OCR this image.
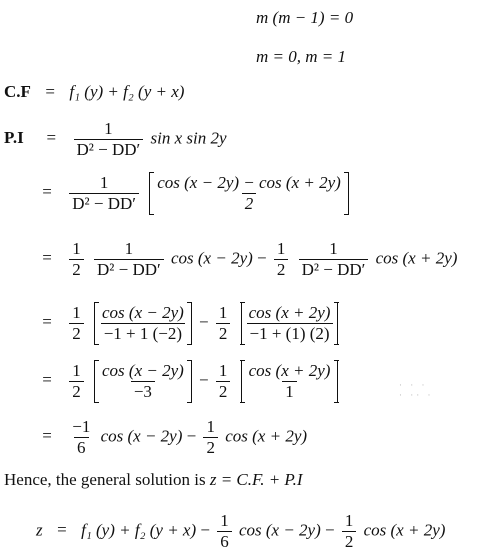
m (m − 1) = 0
m = 0, m = 1
C.F = f₁ (y) + f₂ (y + x)
$P.I = \frac{1}{\text{D² − DD′}}$ sin x sin 2y
= $\frac{1}{\text{D² − DD′}}$
$\frac{\cos (x - 2y) - \cos (x + 2y)}{2}$
= $\frac{1}{2}$
$\frac{1}{\text{D² − DD′}}$ $\cos (x - 2y) - \frac{1}{2}$
$\frac{1}{\text{D² − DD′}}$ cos (x + 2y)
= $\frac{1}{2}$
$\frac{\cos (x - 2y)}{-1 + 1 (-2)} - \frac{1}{2}$
$\frac{\cos (x + 2y)}{-1 + (1) (2)}$
= $\frac{1}{2}$
$\frac{\cos (x - 2y)}{-3} - \frac{1}{2}$
$\frac{\cos (x + 2y)}{1}$
= $\frac{-1}{6}$ $\cos (x - 2y) - \frac{1}{2}$ cos (x + 2y)
Hence, the general solution is z = C.F. + P.I
z = f₁ (y) + f₂ $(y + x) - \frac{1}{6}$ $\cos (x - 2y) - \frac{1}{2}$ cos (x + 2y)
· · ·
· ·· ·
